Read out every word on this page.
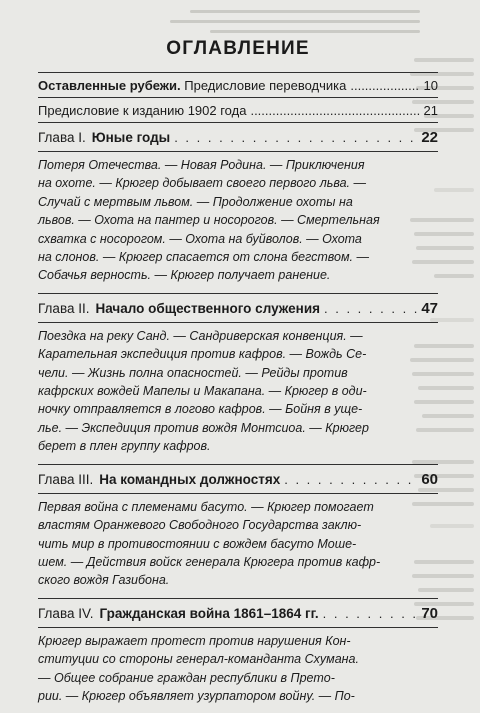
ОГЛАВЛЕНИЕ
Оставленные рубежи. Предисловие переводчика .....	10
Предисловие к изданию 1902 года .....	21
Глава I. Юные годы . . .	22
Потеря Отечества. — Новая Родина. — Приключения
на охоте. — Крюгер добывает своего первого льва. —
Случай с мертвым львом. — Продолжение охоты на
львов. — Охота на пантер и носорогов. — Смертельная
схватка с носорогом. — Охота на буйволов. — Охота
на слонов. — Крюгер спасается от слона бегством. —
Собачья верность. — Крюгер получает ранение.
Глава II. Начало общественного служения . . .	47
Поездка на реку Санд. — Сандриверская конвенция. —
Карательная экспедиция против кафров. — Вождь Се-
чели. — Жизнь полна опасностей. — Рейды против
кафрских вождей Мапелы и Макапана. — Крюгер в оди-
ночку отправляется в логово кафров. — Бойня в уще-
лье. — Экспедиция против вождя Монтсиоа. — Крюгер
берет в плен группу кафров.
Глава III. На командных должностях . . .	60
Первая война с племенами басуто. — Крюгер помогает
властям Оранжевого Свободного Государства заклю-
чить мир в противостоянии с вождем басуто Мошe-
шем. — Действия войск генерала Крюгера против кафр-
ского вождя Газибона.
Глава IV. Гражданская война 1861–1864 гг. . . .	70
Крюгер выражает протест против нарушения Кон-
ституции со стороны генерал-команданта Схумана.
— Общее собрание граждан республики в Претo-
рии. — Крюгер объявляет узурпатором войну. — По-
